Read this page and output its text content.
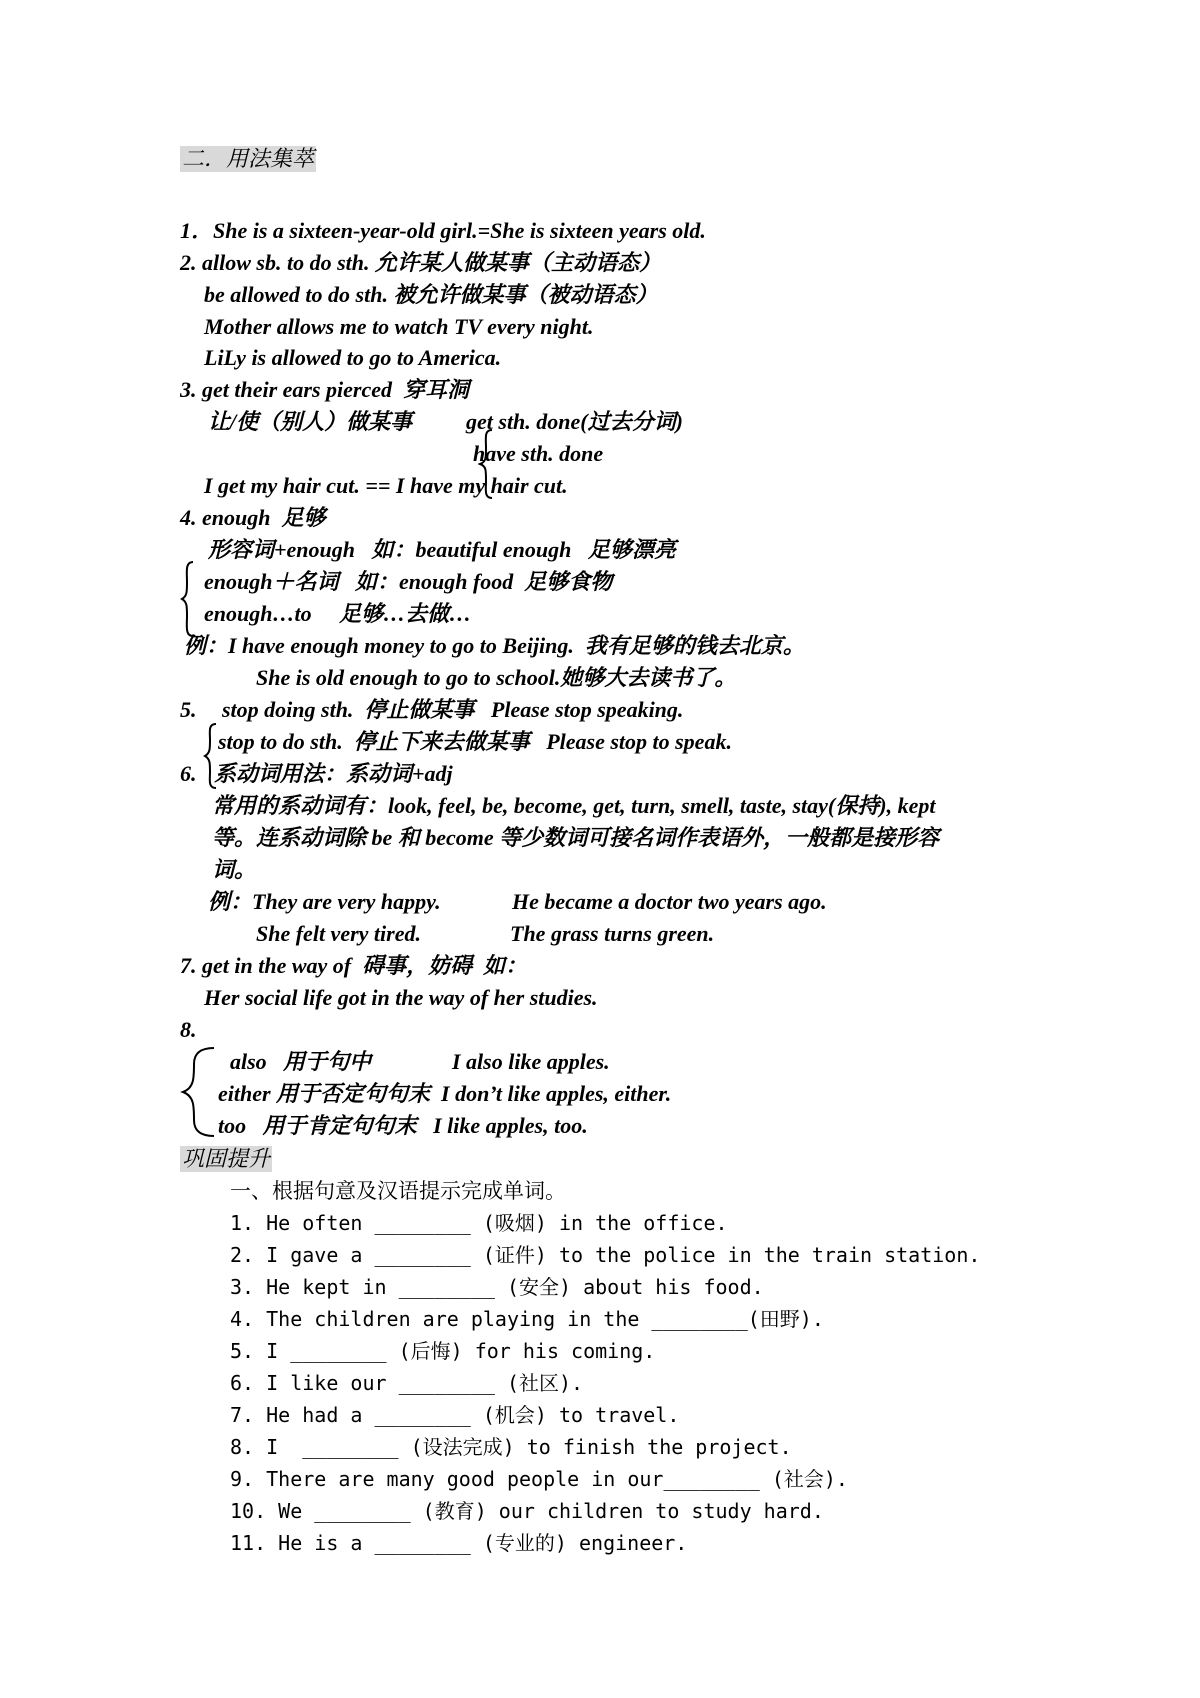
二．用法集萃
1．She is a sixteen-year-old girl.=She is sixteen years old.
2. allow sb. to do sth. 允许某人做某事（主动语态）
be allowed to do sth. 被允许做某事（被动语态）
Mother allows me to watch TV every night.
LiLy is allowed to go to America.
3. get their ears pierced  穿耳洞
让/使（别人）做某事 get sth. done(过去分词)
have sth. done
I get my hair cut. == I have my hair cut.
4. enough  足够
形容词+enough   如：beautiful enough   足够漂亮
enough＋名词   如：enough food  足够食物
enough…to     足够…去做…
例：I have enough money to go to Beijing.  我有足够的钱去北京。
She is old enough to go to school.她够大去读书了。
5. stop doing sth.  停止做某事   Please stop speaking.
stop to do sth.  停止下来去做某事   Please stop to speak.
6. 系动词用法：系动词+adj
常用的系动词有：look, feel, be, become, get, turn, smell, taste, stay(保持), kept
等。连系动词除 be 和 become 等少数词可接名词作表语外，一般都是接形容
词。
例：They are very happy.	He became a doctor two years ago.
She felt very tired.	The grass turns green.
7. get in the way of  碍事，妨碍  如：
Her social life got in the way of her studies.
8.
also   用于句中	I also like apples.
either 用于否定句句末  I don’t like apples, either.
too   用于肯定句句末   I like apples, too.
巩固提升
一、根据句意及汉语提示完成单词。
1. He often ________ (吸烟) in the office.
2. I gave a ________ (证件) to the police in the train station.
3. He kept in ________ (安全) about his food.
4. The children are playing in the ________(田野).
5. I ________ (后悔) for his coming.
6. I like our ________ (社区).
7. He had a ________ (机会) to travel.
8. I  ________ (设法完成) to finish the project.
9. There are many good people in our________ (社会).
10. We ________ (教育) our children to study hard.
11. He is a ________ (专业的) engineer.
